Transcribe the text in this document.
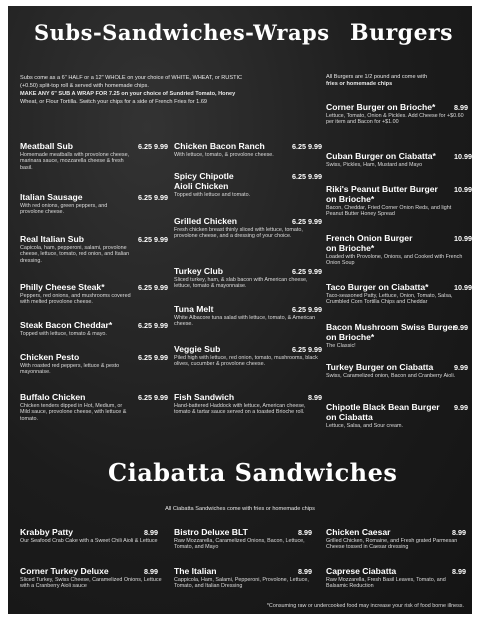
Subs-Sandwiches-Wraps Burgers
Ciabatta Sandwiches
Subs come as a 6" HALF or a 12" WHOLE on your choice of WHITE, WHEAT, or RUSTIC
(+0.50) split-top roll & served with homemade chips.
MAKE ANY 6" SUB A WRAP FOR 7.25 on your choice of Sundried Tomato, Honey
Wheat, or Flour Tortilla. Switch your chips for a side of French Fries for 1.69
All Burgers are 1/2 pound and come with
fries or homemade chips
Meatball Sub	6.25 9.99
Homemade meatballs with provolone cheese, marinara sauce, mozzarella cheese & fresh basil.
Italian Sausage	6.25 9.99
With red onions, green peppers, and provolone cheese.
Real Italian Sub	6.25 9.99
Capicola, ham, pepperoni, salami, provolone cheese, lettuce, tomato, red onion, and Italian dressing.
Philly Cheese Steak*	6.25 9.99
Peppers, red onions, and mushrooms covered with melted provolone cheese.
Steak Bacon Cheddar*	6.25 9.99
Topped with lettuce, tomato & mayo.
Chicken Pesto	6.25 9.99
With roasted red peppers, lettuce & pesto mayonnaise.
Buffalo Chicken	6.25 9.99
Chicken tenders dipped in Hot, Medium, or Mild sauce, provolone cheese, with lettuce & tomato.
Chicken Bacon Ranch	6.25 9.99
With lettuce, tomato, & provolone cheese.
Spicy Chipotle
Aioli Chicken
6.25 9.99
Topped with lettuce and tomato.
Grilled Chicken	6.25 9.99
Fresh chicken breast thinly sliced with lettuce, tomato, provolone cheese, and a dressing of your choice.
Turkey Club	6.25 9.99
Sliced turkey, ham, & slab bacon with American cheese, lettuce, tomato & mayonnaise.
Tuna Melt	6.25 9.99
White Albacore tuna salad with lettuce, tomato, & American cheese.
Veggie Sub	6.25 9.99
Piled high with lettuce, red onion, tomato, mushrooms, black olives, cucumber & provolone cheese.
Fish Sandwich	8.99
Hand-battered Haddock with lettuce, American cheese, tomato & tartar sauce served on a toasted Brioche roll.
Corner Burger on Brioche*	8.99
Lettuce, Tomato, Onion & Pickles. Add Cheese for +$0.60 per item and Bacon for +$1.00
Cuban Burger on Ciabatta*	10.99
Swiss, Pickles, Ham, Mustard and Mayo
Riki's Peanut Butter Burger
on Brioche*
10.99
Bacon, Cheddar, Fried Corner Onion Reds, and light Peanut Butter Honey Spread
French Onion Burger
on Brioche*
10.99
Loaded with Provolone, Onions, and Cooked with French Onion Soup
Taco Burger on Ciabatta*	10.99
Taco-seasoned Patty, Lettuce, Onion, Tomato, Salsa, Crumbled Corn Tortilla Chips and Cheddar
Bacon Mushroom Swiss Burger
on Brioche*
9.99
The Classic!
Turkey Burger on Ciabatta	9.99
Swiss, Caramelized onion, Bacon and Cranberry Aioli.
Chipotle Black Bean Burger
on Ciabatta
9.99
Lettuce, Salsa, and Sour cream.
All Ciabatta Sandwiches come with fries or homemade chips
Krabby Patty	8.99
Our Seafood Crab Cake with a Sweet Chili Aioli & Lettuce
Bistro Deluxe BLT	8.99
Raw Mozzarella, Caramelized Onions, Bacon, Lettuce, Tomato, and Mayo
Chicken Caesar	8.99
Grilled Chicken, Romaine, and Fresh grated Parmesan Cheese tossed in Caesar dressing
Corner Turkey Deluxe	8.99
Sliced Turkey, Swiss Cheese, Caramelized Onions, Lettuce with a Cranberry Aioli sauce
The Italian	8.99
Cappicola, Ham, Salami, Pepperoni, Provolone, Lettuce, Tomato, and Italian Dressing
Caprese Ciabatta	8.99
Raw Mozzarella, Fresh Basil Leaves, Tomato, and Balsamic Reduction
*Consuming raw or undercooked food may increase your risk of food borne illness.
